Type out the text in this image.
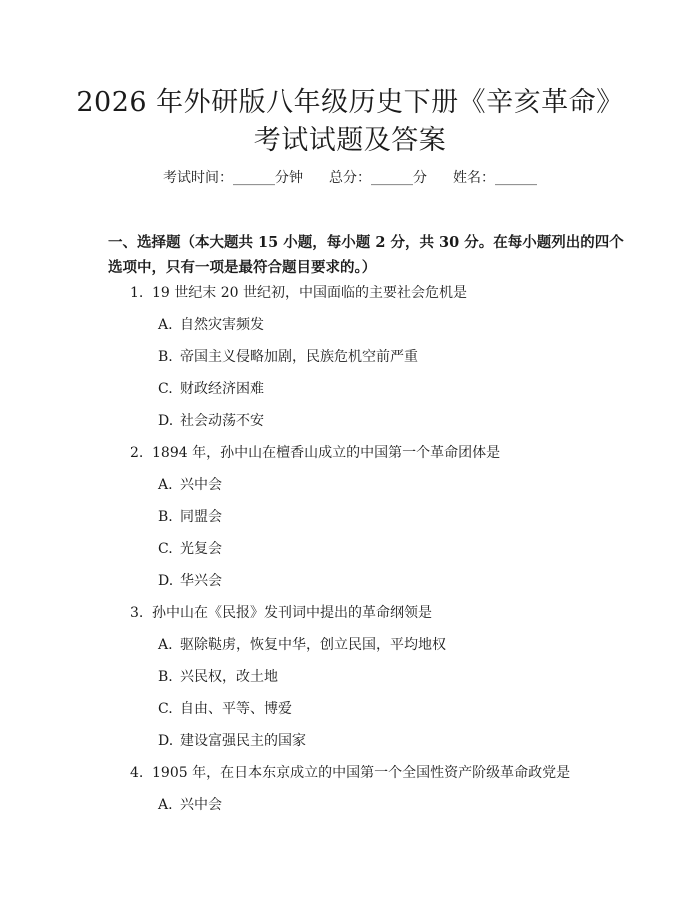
2026 年外研版八年级历史下册《辛亥革命》
考试试题及答案
考试时间：______分钟 总分：______分 姓名：______

一、选择题（本大题共 15 小题，每小题 2 分，共 30 分。在每小题列出的四个选项中，只有一项是最符合题目要求的。）

1. 19 世纪末 20 世纪初，中国面临的主要社会危机是
A. 自然灾害频发
B. 帝国主义侵略加剧，民族危机空前严重
C. 财政经济困难
D. 社会动荡不安
2. 1894 年，孙中山在檀香山成立的中国第一个革命团体是
A. 兴中会
B. 同盟会
C. 光复会
D. 华兴会
3. 孙中山在《民报》发刊词中提出的革命纲领是
A. 驱除鞑虏，恢复中华，创立民国，平均地权
B. 兴民权，改土地
C. 自由、平等、博爱
D. 建设富强民主的国家
4. 1905 年，在日本东京成立的中国第一个全国性资产阶级革命政党是
A. 兴中会
